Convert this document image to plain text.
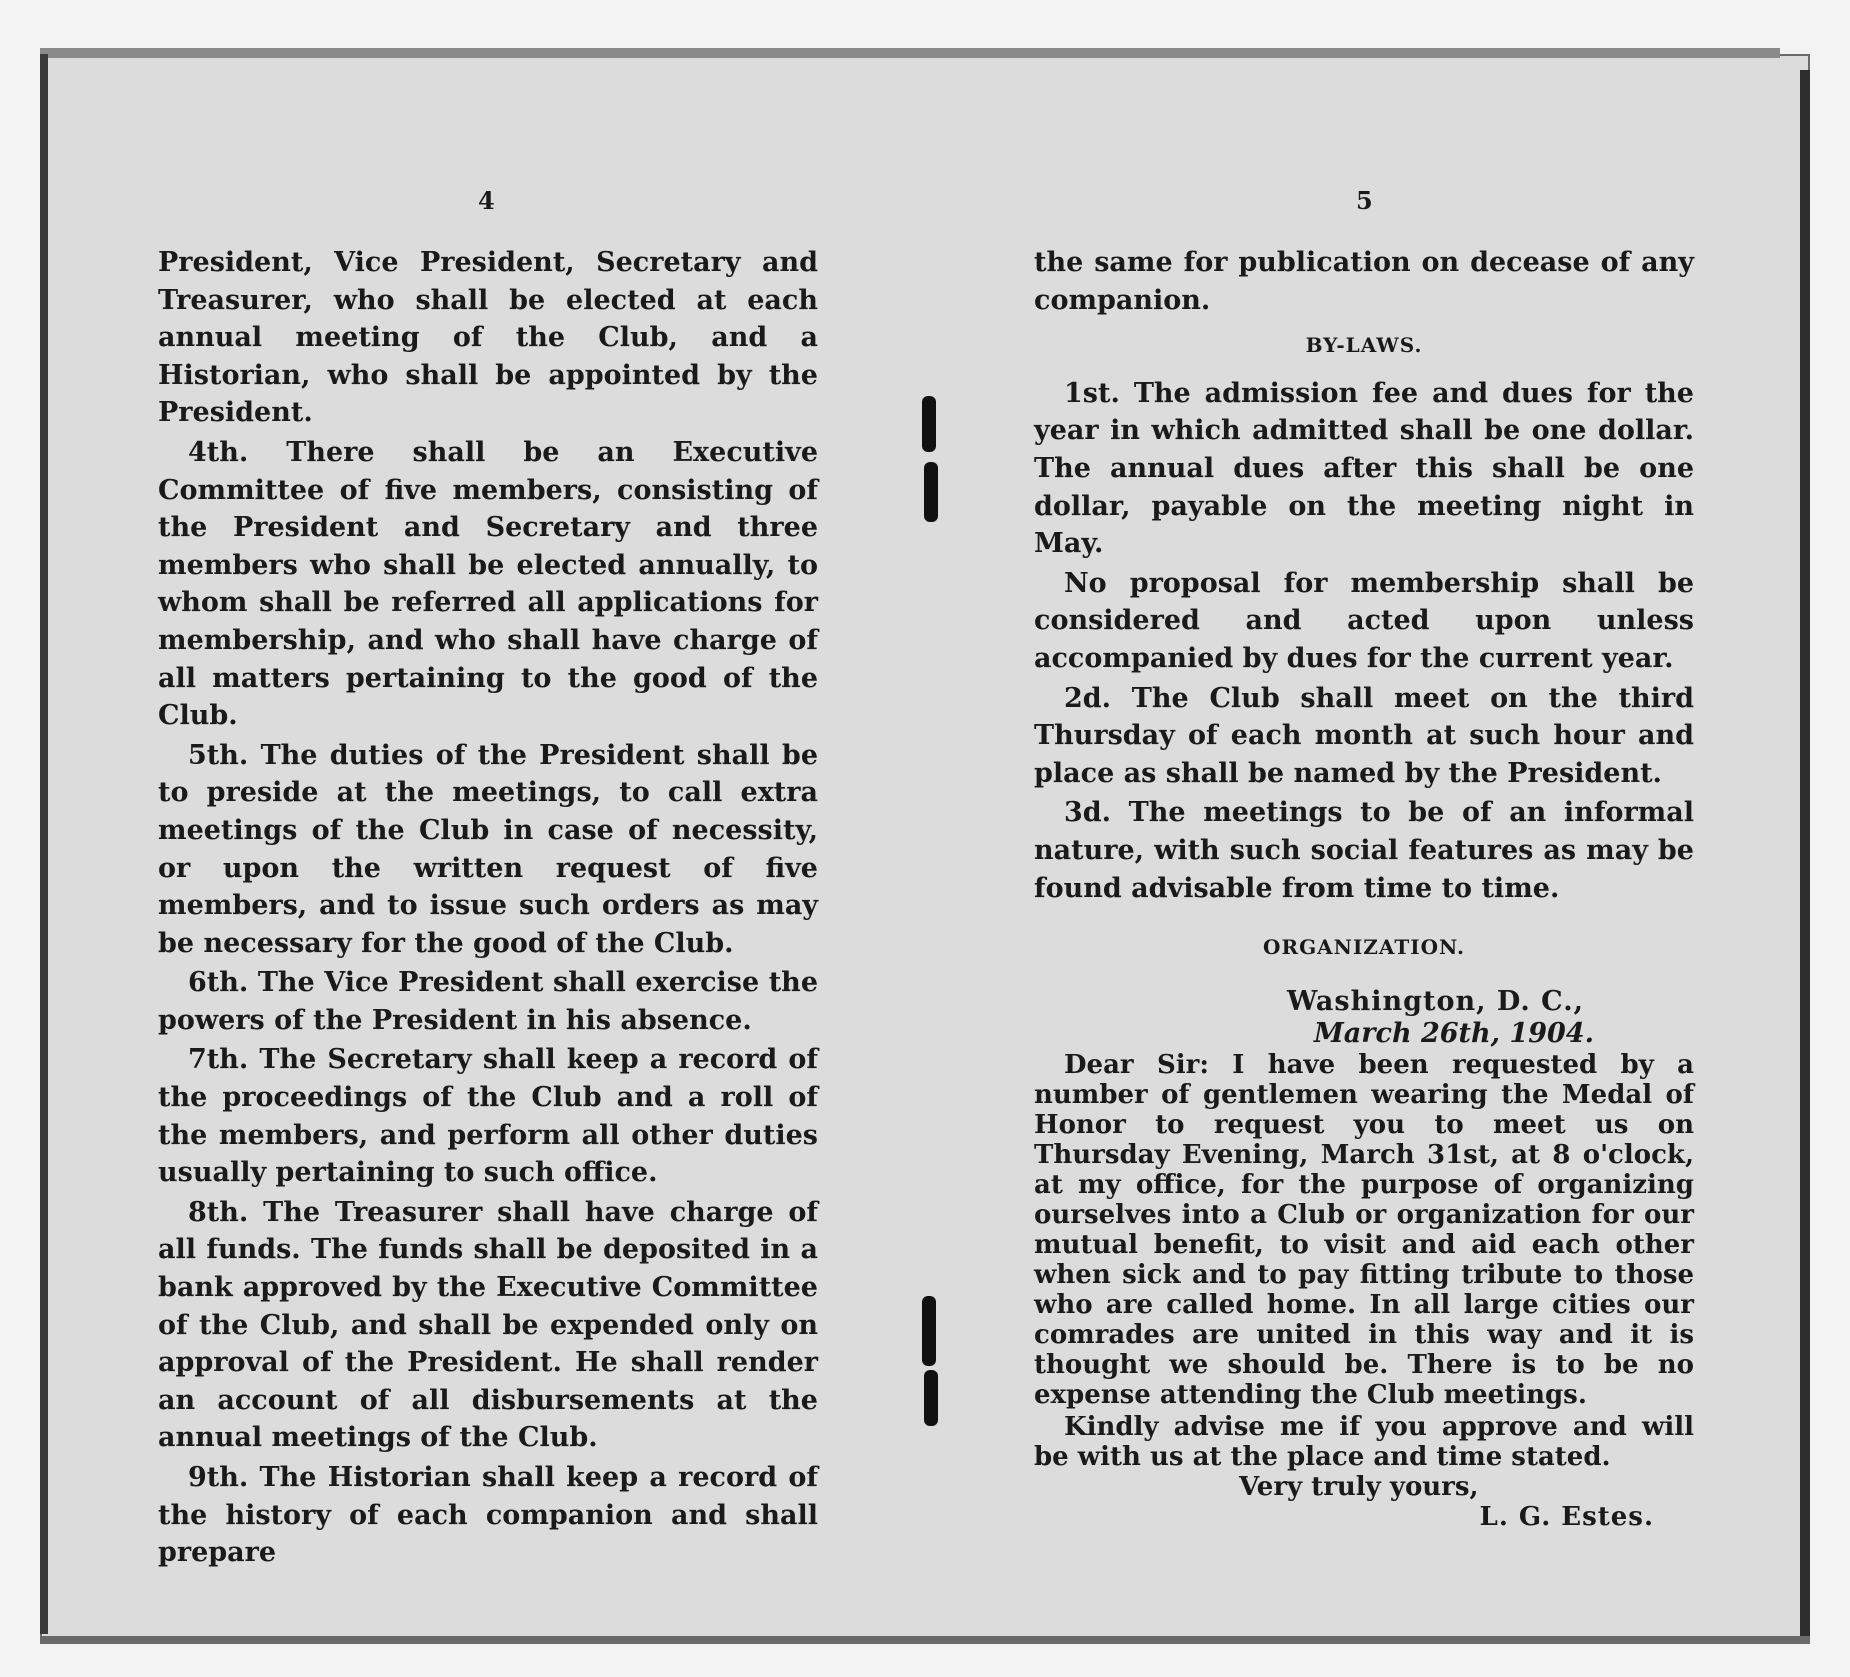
4	5

President, Vice President, Secretary and Treasurer, who shall be elected at each annual meeting of the Club, and a Historian, who shall be appointed by the President.

4th. There shall be an Executive Committee of five members, consisting of the President and Secretary and three members who shall be elected annually, to whom shall be referred all applications for membership, and who shall have charge of all matters pertaining to the good of the Club.

5th. The duties of the President shall be to preside at the meetings, to call extra meetings of the Club in case of necessity, or upon the written request of five members, and to issue such orders as may be necessary for the good of the Club.

6th. The Vice President shall exercise the powers of the President in his absence.

7th. The Secretary shall keep a record of the proceedings of the Club and a roll of the members, and perform all other duties usually pertaining to such office.

8th. The Treasurer shall have charge of all funds. The funds shall be deposited in a bank approved by the Executive Committee of the Club, and shall be expended only on approval of the President. He shall render an account of all disbursements at the annual meetings of the Club.

9th. The Historian shall keep a record of the history of each companion and shall prepare

the same for publication on decease of any companion.

BY-LAWS.

1st. The admission fee and dues for the year in which admitted shall be one dollar. The annual dues after this shall be one dollar, payable on the meeting night in May.

No proposal for membership shall be considered and acted upon unless accompanied by dues for the current year.

2d. The Club shall meet on the third Thursday of each month at such hour and place as shall be named by the President.

3d. The meetings to be of an informal nature, with such social features as may be found advisable from time to time.

ORGANIZATION.
Washington, D. C.,
March 26th, 1904.

Dear Sir: I have been requested by a number of gentlemen wearing the Medal of Honor to request you to meet us on Thursday Evening, March 31st, at 8 o'clock, at my office, for the purpose of organizing ourselves into a Club or organization for our mutual benefit, to visit and aid each other when sick and to pay fitting tribute to those who are called home. In all large cities our comrades are united in this way and it is thought we should be. There is to be no expense attending the Club meetings.

Kindly advise me if you approve and will be with us at the place and time stated.

Very truly yours,
L. G. Estes.
